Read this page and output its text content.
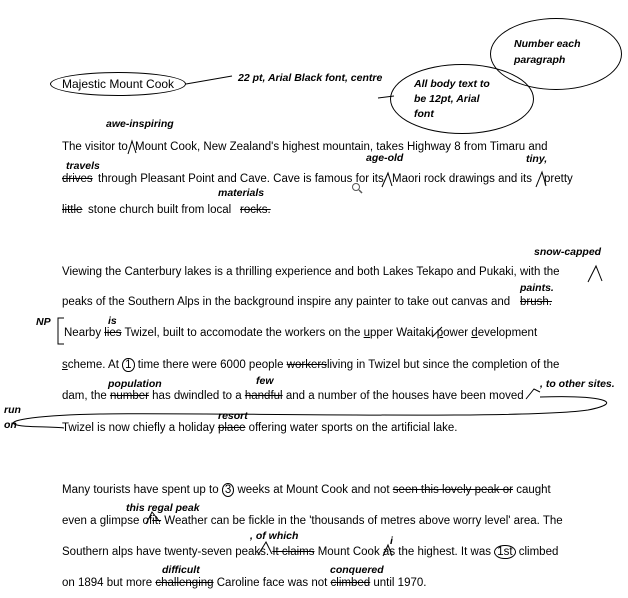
Majestic Mount Cook	22 pt, Arial Black font, centre	All body text to
be 12pt, Arial
font
Number each
paragraph
awe-inspiring
The visitor to Mount Cook, New Zealand's highest mountain, takes Highway 8 from Timaru and
travels
age-old	tiny,
drives through Pleasant Point and Cave. Cave is famous for its Maori rock drawings and its pretty
materials
little stone church built from local rocks.
snow-capped
Viewing the Canterbury lakes is a thrilling experience and both Lakes Tekapo and Pukaki, with the
paints.
peaks of the Southern Alps in the background inspire any painter to take out canvas and brush.
NP	is
Nearby lies Twizel, built to accomodate the workers on the upper Waitaki power development
scheme. At 1 time there were 6000 people workersliving in Twizel but since the completion of the
population	few	, to other sites.
dam, the number has dwindled to a handful and a number of the houses have been moved
run
on
resort
Twizel is now chiefly a holiday place offering water sports on the artificial lake.
Many tourists have spent up to 3 weeks at Mount Cook and not seen this lovely peak or caught
this regal peak
even a glimpse ofit. Weather can be fickle in the 'thousands of metres above worry level' area. The
, of which	i
Southern alps have twenty-seven peaks. It claims Mount Cook as the highest. It was 1st climbed
difficult	conquered
on 1894 but more challenging Caroline face was not climbed until 1970.
